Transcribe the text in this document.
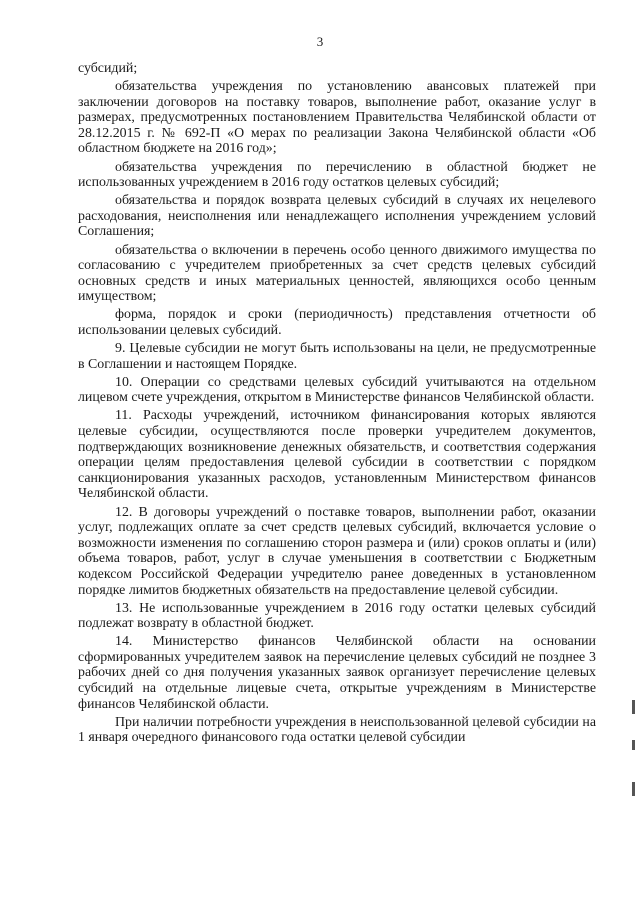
3

субсидий;

обязательства учреждения по установлению авансовых платежей при заключении договоров на поставку товаров, выполнение работ, оказание услуг в размерах, предусмотренных постановлением Правительства Челябинской области от 28.12.2015 г. № 692-П «О мерах по реализации Закона Челябинской области «Об областном бюджете на 2016 год»;

обязательства учреждения по перечислению в областной бюджет не использованных учреждением в 2016 году остатков целевых субсидий;

обязательства и порядок возврата целевых субсидий в случаях их нецелевого расходования, неисполнения или ненадлежащего исполнения учреждением условий Соглашения;

обязательства о включении в перечень особо ценного движимого имущества по согласованию с учредителем приобретенных за счет средств целевых субсидий основных средств и иных материальных ценностей, являющихся особо ценным имуществом;

форма, порядок и сроки (периодичность) представления отчетности об использовании целевых субсидий.

9. Целевые субсидии не могут быть использованы на цели, не предусмотренные в Соглашении и настоящем Порядке.

10. Операции со средствами целевых субсидий учитываются на отдельном лицевом счете учреждения, открытом в Министерстве финансов Челябинской области.

11. Расходы учреждений, источником финансирования которых являются целевые субсидии, осуществляются после проверки учредителем документов, подтверждающих возникновение денежных обязательств, и соответствия содержания операции целям предоставления целевой субсидии в соответствии с порядком санкционирования указанных расходов, установленным Министерством финансов Челябинской области.

12. В договоры учреждений о поставке товаров, выполнении работ, оказании услуг, подлежащих оплате за счет средств целевых субсидий, включается условие о возможности изменения по соглашению сторон размера и (или) сроков оплаты и (или) объема товаров, работ, услуг в случае уменьшения в соответствии с Бюджетным кодексом Российской Федерации учредителю ранее доведенных в установленном порядке лимитов бюджетных обязательств на предоставление целевой субсидии.

13. Не использованные учреждением в 2016 году остатки целевых субсидий подлежат возврату в областной бюджет.

14. Министерство финансов Челябинской области на основании сформированных учредителем заявок на перечисление целевых субсидий не позднее 3 рабочих дней со дня получения указанных заявок организует перечисление целевых субсидий на отдельные лицевые счета, открытые учреждениям в Министерстве финансов Челябинской области.

При наличии потребности учреждения в неиспользованной целевой субсидии на 1 января очередного финансового года остатки целевой субсидии
